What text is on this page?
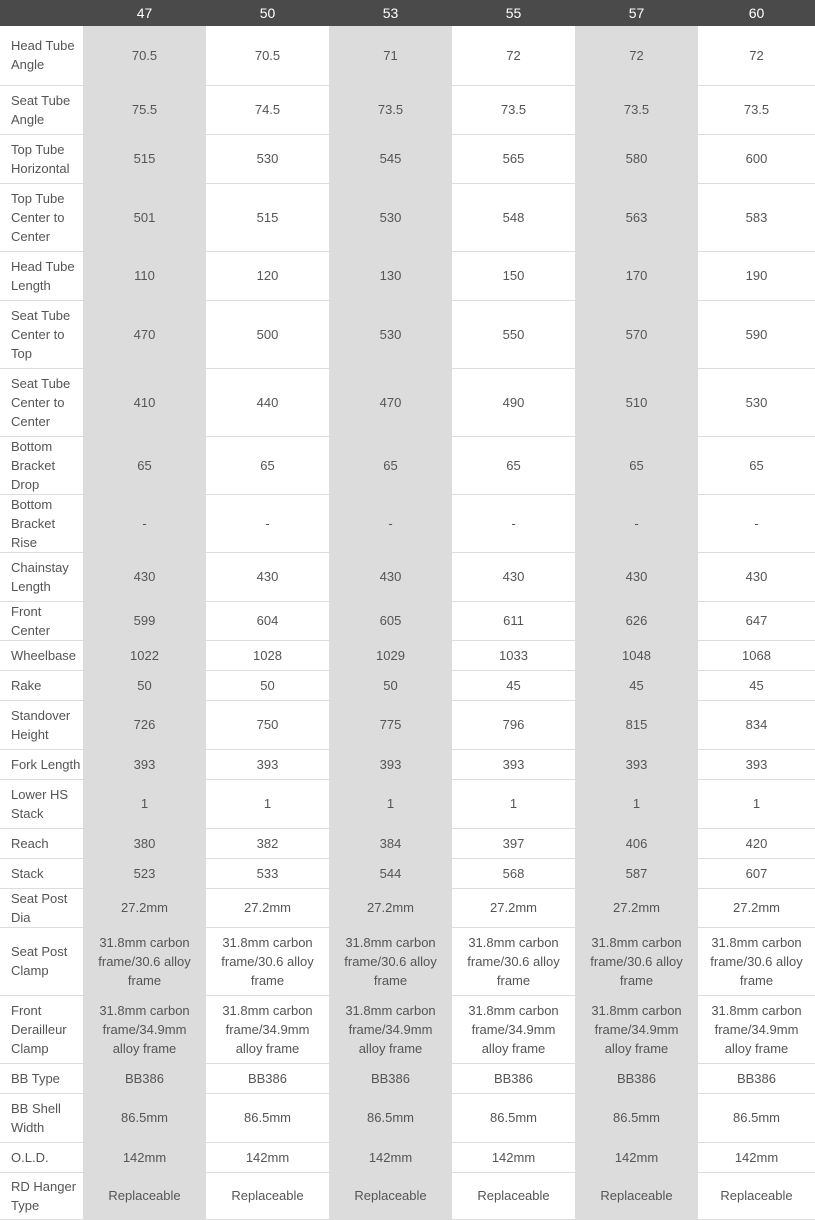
	47	50	53	55	57	60
Head Tube Angle	70.5	70.5	71	72	72	72
Seat Tube Angle	75.5	74.5	73.5	73.5	73.5	73.5
Top Tube Horizontal	515	530	545	565	580	600
Top Tube Center to Center	501	515	530	548	563	583
Head Tube Length	110	120	130	150	170	190
Seat Tube Center to Top	470	500	530	550	570	590
Seat Tube Center to Center	410	440	470	490	510	530
Bottom Bracket Drop	65	65	65	65	65	65
Bottom Bracket Rise	-	-	-	-	-	-
Chainstay Length	430	430	430	430	430	430
Front Center	599	604	605	611	626	647
Wheelbase	1022	1028	1029	1033	1048	1068
Rake	50	50	50	45	45	45
Standover Height	726	750	775	796	815	834
Fork Length	393	393	393	393	393	393
Lower HS Stack	1	1	1	1	1	1
Reach	380	382	384	397	406	420
Stack	523	533	544	568	587	607
Seat Post Dia	27.2mm	27.2mm	27.2mm	27.2mm	27.2mm	27.2mm
Seat Post Clamp	31.8mm carbon frame/30.6 alloy frame	31.8mm carbon frame/30.6 alloy frame	31.8mm carbon frame/30.6 alloy frame	31.8mm carbon frame/30.6 alloy frame	31.8mm carbon frame/30.6 alloy frame	31.8mm carbon frame/30.6 alloy frame
Front Derailleur Clamp	31.8mm carbon frame/34.9mm alloy frame	31.8mm carbon frame/34.9mm alloy frame	31.8mm carbon frame/34.9mm alloy frame	31.8mm carbon frame/34.9mm alloy frame	31.8mm carbon frame/34.9mm alloy frame	31.8mm carbon frame/34.9mm alloy frame
BB Type	BB386	BB386	BB386	BB386	BB386	BB386
BB Shell Width	86.5mm	86.5mm	86.5mm	86.5mm	86.5mm	86.5mm
O.L.D.	142mm	142mm	142mm	142mm	142mm	142mm
RD Hanger Type	Replaceable	Replaceable	Replaceable	Replaceable	Replaceable	Replaceable
